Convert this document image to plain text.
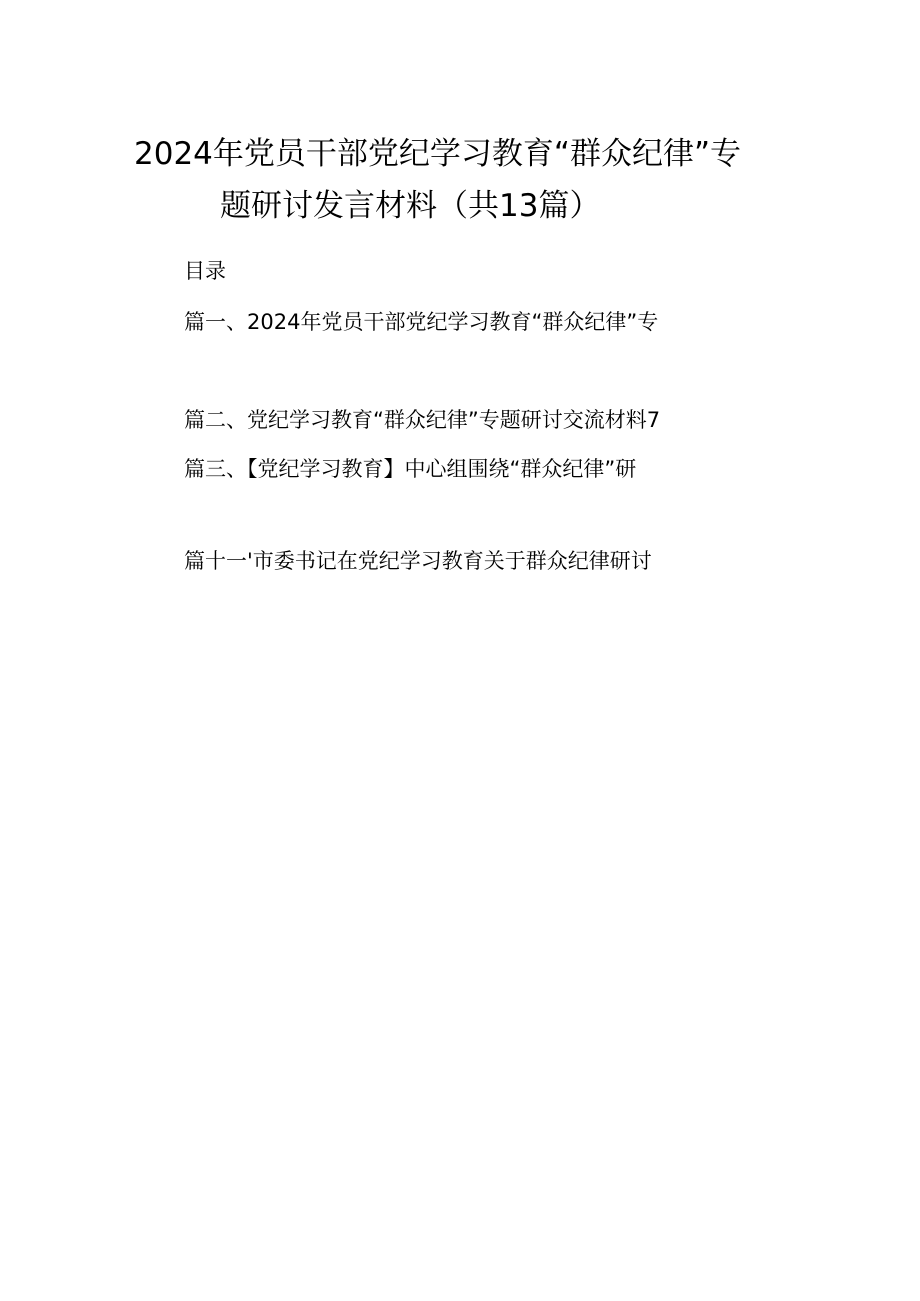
2024年党员干部党纪学习教育“群众纪律”专
题研讨发言材料（共13篇）
目录
篇一、2024年党员干部党纪学习教育“群众纪律”专
篇二、党纪学习教育“群众纪律”专题研讨交流材料7
篇三、【党纪学习教育】中心组围绕“群众纪律”研
篇十一'市委书记在党纪学习教育关于群众纪律研讨
